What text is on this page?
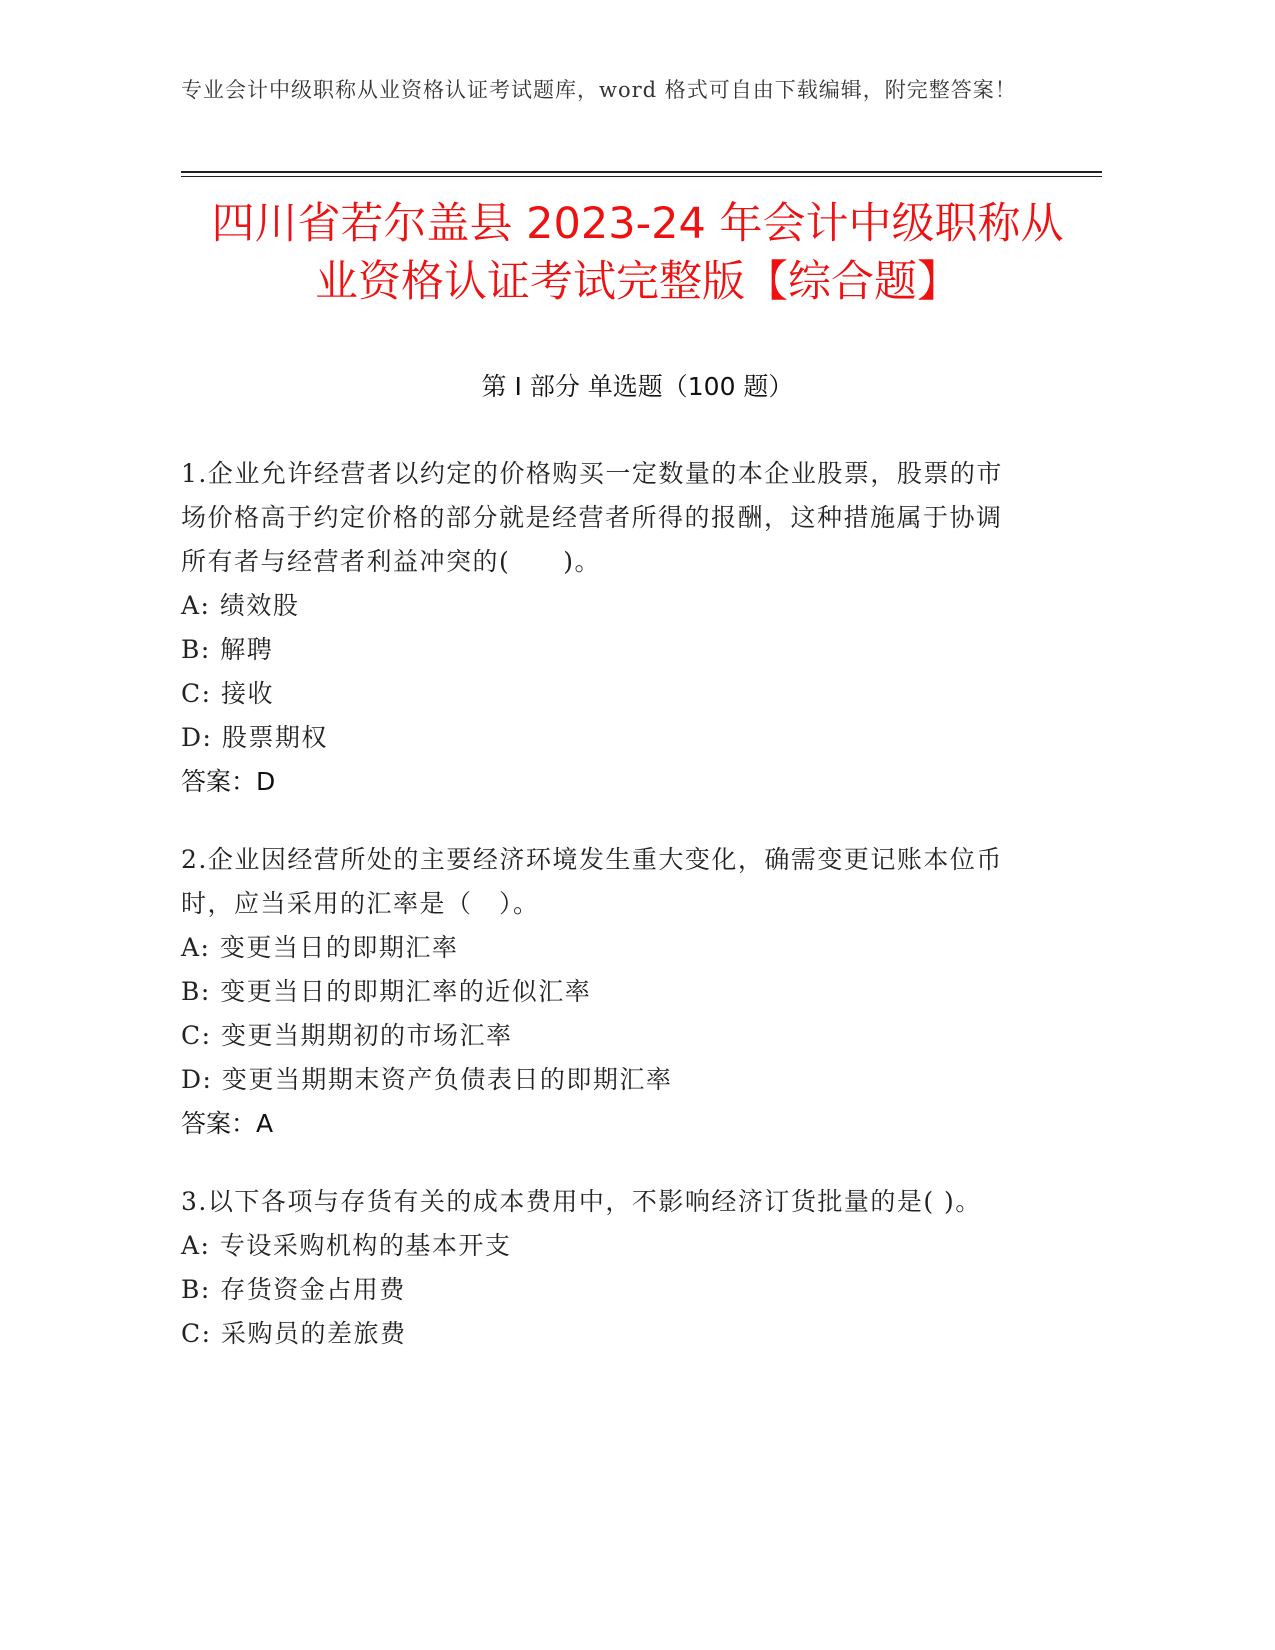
专业会计中级职称从业资格认证考试题库，word 格式可自由下载编辑，附完整答案！
四川省若尔盖县 2023-24 年会计中级职称从
业资格认证考试完整版【综合题】
第 I 部分 单选题（100 题）
1.企业允许经营者以约定的价格购买一定数量的本企业股票，股票的市场价格高于约定价格的部分就是经营者所得的报酬，这种措施属于协调所有者与经营者利益冲突的(　　)。
A: 绩效股
B: 解聘
C: 接收
D: 股票期权
答案：D
2.企业因经营所处的主要经济环境发生重大变化，确需变更记账本位币时，应当采用的汇率是（　）。
A: 变更当日的即期汇率
B: 变更当日的即期汇率的近似汇率
C: 变更当期期初的市场汇率
D: 变更当期期末资产负债表日的即期汇率
答案：A
3.以下各项与存货有关的成本费用中，不影响经济订货批量的是( )。
A: 专设采购机构的基本开支
B: 存货资金占用费
C: 采购员的差旅费
